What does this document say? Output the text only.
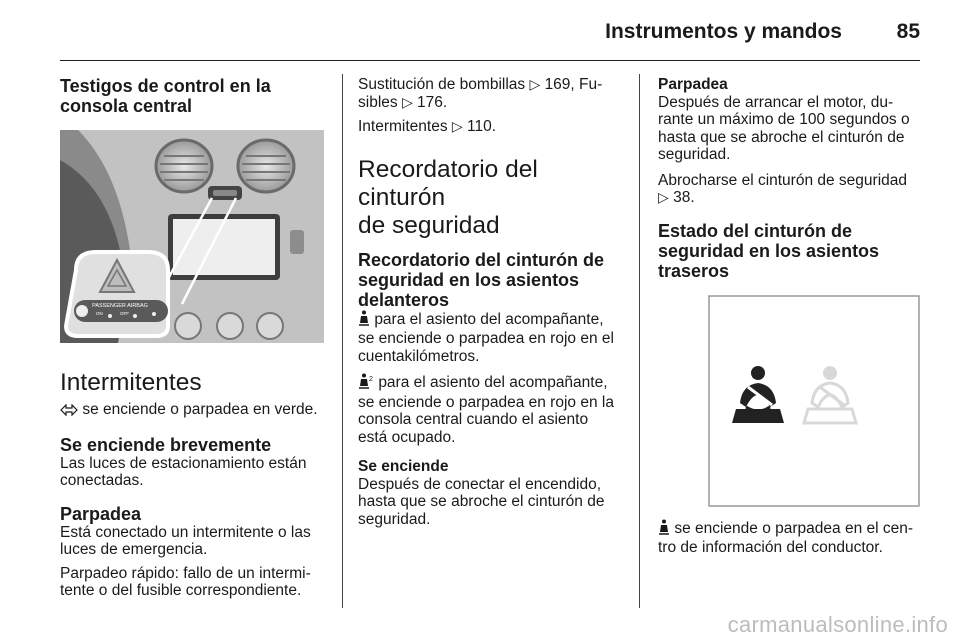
Instrumentos y mandos	85
Testigos de control en la
consola central
PASSENGER AIRBAG
ON	OFF
Intermitentes
se enciende o parpadea en verde.
Se enciende brevemente
Las luces de estacionamiento están
conectadas.
Parpadea
Está conectado un intermitente o las
luces de emergencia.
Parpadeo rápido: fallo de un intermi-
tente o del fusible correspondiente.
Sustitución de bombillas ▷ 169, Fu-
sibles ▷ 176.
Intermitentes ▷ 110.
Recordatorio del cinturón
de seguridad
Recordatorio del cinturón de
seguridad en los asientos
delanteros
para el asiento del acompañante,
se enciende o parpadea en rojo en el
cuentakilómetros.
2 para el asiento del acompañante,
se enciende o parpadea en rojo en la
consola central cuando el asiento
está ocupado.
Se enciende
Después de conectar el encendido,
hasta que se abroche el cinturón de
seguridad.
Parpadea
Después de arrancar el motor, du-
rante un máximo de 100 segundos o
hasta que se abroche el cinturón de
seguridad.
Abrocharse el cinturón de seguridad
▷ 38.
Estado del cinturón de
seguridad en los asientos
traseros
se enciende o parpadea en el cen-
tro de información del conductor.
carmanualsonline.info
